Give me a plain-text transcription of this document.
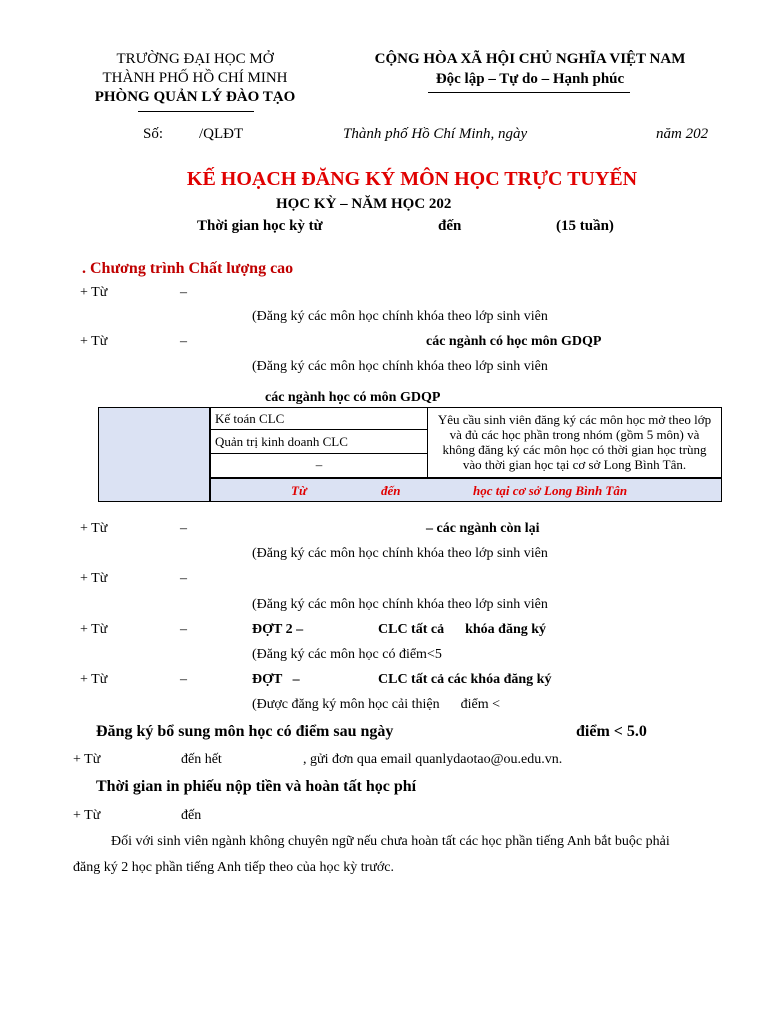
TRƯỜNG ĐẠI HỌC MỞ
THÀNH PHỐ HỒ CHÍ MINH
PHÒNG QUẢN LÝ ĐÀO TẠO
CỘNG HÒA XÃ HỘI CHỦ NGHĨA VIỆT NAM
Độc lập – Tự do – Hạnh phúc
Số: /QLĐT	Thành phố Hồ Chí Minh, ngày	năm 202
KẾ HOẠCH ĐĂNG KÝ MÔN HỌC TRỰC TUYẾN
HỌC KỲ – NĂM HỌC 202
Thời gian học kỳ từ	đến	(15 tuần)
. Chương trình Chất lượng cao
+ Từ	–
(Đăng ký các môn học chính khóa theo lớp sinh viên
+ Từ	–	các ngành có học môn GDQP
(Đăng ký các môn học chính khóa theo lớp sinh viên
các ngành học có môn GDQP
	Kế toán CLC	Yêu cầu sinh viên đăng ký các môn học mở theo lớp và đủ các học phần trong nhóm (gồm 5 môn) và không đăng ký các môn học có thời gian học trùng vào thời gian học tại cơ sở Long Bình Tân.
Quản trị kinh doanh CLC
–

Từ	đến	học tại cơ sở Long Bình Tân
+ Từ	–	– các ngành còn lại
(Đăng ký các môn học chính khóa theo lớp sinh viên
+ Từ	–
(Đăng ký các môn học chính khóa theo lớp sinh viên
+ Từ	–	ĐỢT 2 –	CLC tất cả      khóa đăng ký
(Đăng ký các môn học có điểm<5
+ Từ	–	ĐỢT   –	CLC tất cả các khóa đăng ký
(Được đăng ký môn học cải thiện      điểm <
Đăng ký bổ sung môn học có điểm sau ngày	điểm < 5.0
+ Từ	đến hết	, gửi đơn qua email quanlydaotao@ou.edu.vn.
Thời gian in phiếu nộp tiền và hoàn tất học phí
+ Từ	đến
Đối với sinh viên ngành không chuyên ngữ nếu chưa hoàn tất các học phần tiếng Anh bắt buộc phải
đăng ký 2 học phần tiếng Anh tiếp theo của học kỳ trước.
